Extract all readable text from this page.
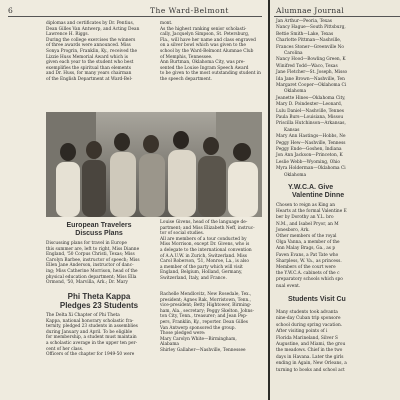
6	The Ward-Belmont
diplomas and certificates by Dr. Pentius,
Dean Gilles Van Antwerp, and Acting Dean
Lawrence H. Riggs.
During the college exercises the winners
of three awards were announced. Miss
Sonya Progrin, Franklin, Ky., received the
Lizzie Huss Memorial Award which is
given each year to the student who best
exemplifies the spiritual than elements
and Dr. Huss, for many years chairman
of the English Department at Ward-Bel-
mont.
As the highest ranking senior scholasti-
cally, Jacquelyn Simpson, St. Petersburg,
Fla., will have her name and class engraved
on a silver bowl which was given to the
school by the Ward-Belmont Alumnae Club
of Memphis, Tennessee.
Ann Burtman, Oklahoma City, was pre-
sented the Louise Ingram Speech Award
to be given to the most outstanding student in
the speech department.
European Travelers
Discuss Plans
Discussing plans for travel in Europe
this summer are, left to right, Miss Dianne
England, '50 Corpus Christi, Texas; Miss
Carolyn Barbee, instructor of speech; Miss
Ellen Jane Anderson, instructor of danc-
ing; Miss Catherine Morrison, head of the
physical education department; Miss Ella
Ormond, '50, Marvilla, Ark.; Dr. Mary
Louise Givens, head of the language de-
partment; and Miss Elizabeth Neff, instruc-
tor of social studies.
All are members of a tour conducted by
Miss Morrison, except Dr. Givens, who is
a delegate to the international convention
of A.A.U.W. in Zurich, Switzerland. Miss
Carol Roberson, '51, Monroe, La., is also
a member of the party which will visit
England, Belgium, Holland, Germany,
Switzerland, Italy, and France.
Phi Theta Kappa
Pledges 23 Students
The Delta Xi Chapter of Phi Theta
Kappa, national honorary scholastic fra-
ternity, pledged 23 students in assemblies
during January and April. To be eligible
for membership, a student must maintain
a scholastic average in the upper ten per-
cent of her class.
Officers of the chapter for 1949-50 were
Rachelle Mendlovitz, New Rosedale, Tex.,
president; Agnes Rak, Morristown, Tenn.,
vice-president; Betty Hightower, Birming-
ham, Ala., secretary; Peggy Skelton, Johns-
ton City, Tenn., treasurer; and Jean Pep-
pers, Franklin, Ky., reporter. Dean Gilles
Van Antwerp sponsored the group.
Those pledged were:
Mary Carolyn White—Birmingham,
Alabama
Shirley Gallaher—Nashville, Tennessee
Alumnae Journal
Jan Arthur—Peoria, Texas
Nancy Hague—South Pittsburg,
Bettie Smith—Lake, Texas
Charlotte Pittman—Nashville,
Frances Stoner—Greenville No
Carolina
Nancy Hood—Bowling Green, K
Winifred Todd—Waco, Texas
Jane Fletcher—St. Joseph, Misso
Ida Jane Brown—Nashville, Ten
Margaret Cooper—Oklahoma Ci
Oklahoma
Jeanette Hines—Oklahoma City,
Mary D. Poindexter—Leonard,
Lulu Daniel—Nashville, Tennes
Paula Burs—Louisiana, Missou
Priscilla Hutchinson—Arkansas,
Kansas
Mary Ann Hastings—Hobbs, Ne
Peggy Hew—Nashville, Tenness
Peggy Ende—Goshen, Indiana
Jon Ann Jackson—Princeton, K
Leslie Webb—Wyoming, Ohio
Myra Holderman—Oklahoma Ci
Oklahoma
Y.W.C.A. Give
Valentine Dinne
Chosen to reign as King an
Hearts at the formal Valentine E
ber by Dorothy an Y.L. bro
N.M., and Isabel Pryor, an M
Jonesboro, Ark.
Other members of the royal
Olga Vanna, a member of the
Ann Malay Brags, Ga., as p
Faven Evans, a Pat Tate who
Sharpless, W. Va., as princess.
Members of the court were
the Y.W.C.A. cabinets of the c
preparatory schools which spo
nual event.
Students Visit Cu
Many students took advanta
nine-day Cuban trip sponsore
school during spring vacation.
After visiting points of i
Florida Marineland, Silver S
Augustine, and Miami, the grou
the meadows. Chief in the two
days in Havana. Later the girls
ending in Again, New Orleans, a
turning to books and school act
